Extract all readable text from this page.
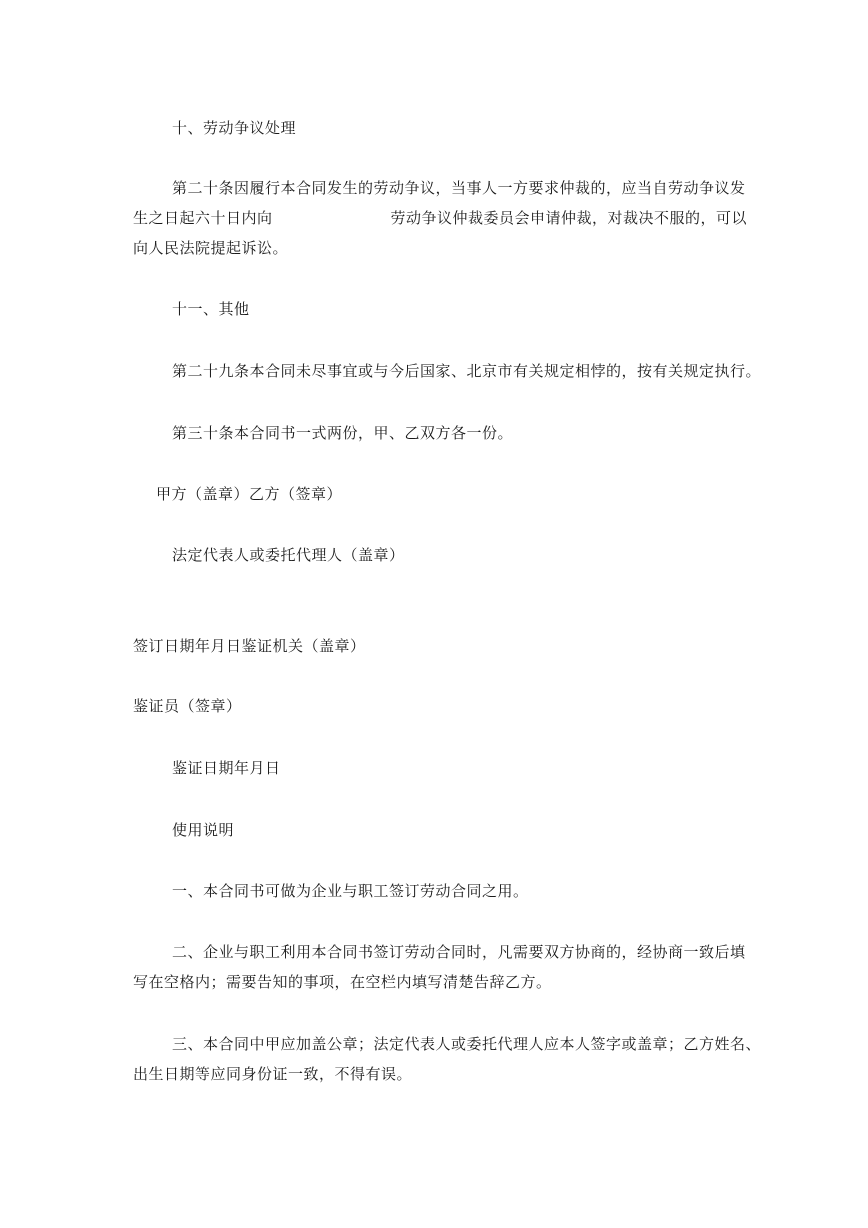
十、劳动争议处理
第二十条因履行本合同发生的劳动争议，当事人一方要求仲裁的，应当自劳动争议发
生之日起六十日内向	劳动争议仲裁委员会申请仲裁，对裁决不服的，可以
向人民法院提起诉讼。
十一、其他
第二十九条本合同未尽事宜或与今后国家、北京市有关规定相悖的，按有关规定执行。
第三十条本合同书一式两份，甲、乙双方各一份。
甲方（盖章）乙方（签章）
法定代表人或委托代理人（盖章）
签订日期年月日鉴证机关（盖章）
鉴证员（签章）
鉴证日期年月日
使用说明
一、本合同书可做为企业与职工签订劳动合同之用。
二、企业与职工利用本合同书签订劳动合同时，凡需要双方协商的，经协商一致后填
写在空格内；需要告知的事项，在空栏内填写清楚告辞乙方。
三、本合同中甲应加盖公章；法定代表人或委托代理人应本人签字或盖章；乙方姓名、
出生日期等应同身份证一致，不得有误。
